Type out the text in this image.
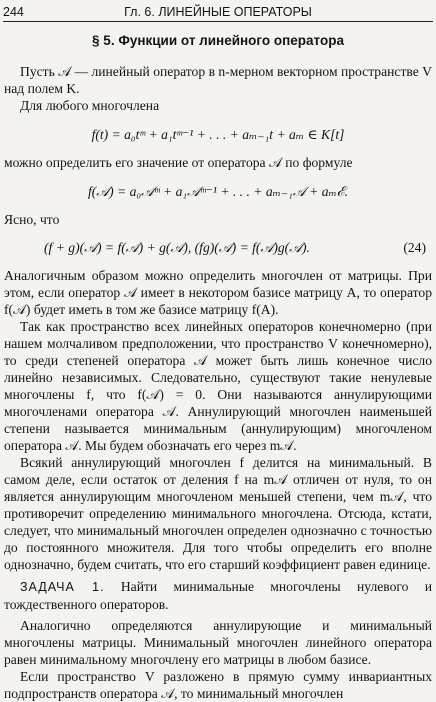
244	Гл. 6. ЛИНЕЙНЫЕ ОПЕРАТОРЫ
§ 5. Функции от линейного оператора

Пусть 𝒜 — линейный оператор в n-мерном векторном пространстве V над полем K.

Для любого многочлена

f(t) = a₀tᵐ + a₁tᵐ⁻¹ + . . . + aₘ₋₁t + aₘ ∈ K[t]

можно определить его значение от оператора 𝒜 по формуле

f(𝒜) = a₀𝒜ᵐ + a₁𝒜ᵐ⁻¹ + . . . + aₘ₋₁𝒜 + aₘℰ.

Ясно, что

(f + g)(𝒜) = f(𝒜) + g(𝒜), (fg)(𝒜) = f(𝒜)g(𝒜).	(24)

Аналогичным образом можно определить многочлен от матрицы. При этом, если оператор 𝒜 имеет в некотором базисе матрицу A, то оператор f(𝒜) будет иметь в том же базисе матрицу f(A).

Так как пространство всех линейных операторов конечномерно (при нашем молчаливом предположении, что пространство V конечномерно), то среди степеней оператора 𝒜 может быть лишь конечное число линейно независимых. Следовательно, существуют такие ненулевые многочлены f, что f(𝒜) = 0. Они называются аннулирующими многочленами оператора 𝒜. Аннулирующий многочлен наименьшей степени называется минимальным (аннулирующим) многочленом оператора 𝒜. Мы будем обозначать его через m𝒜.

Всякий аннулирующий многочлен f делится на минимальный. В самом деле, если остаток от деления f на m𝒜 отличен от нуля, то он является аннулирующим многочленом меньшей степени, чем m𝒜, что противоречит определению минимального многочлена. Отсюда, кстати, следует, что минимальный многочлен определен однозначно с точностью до постоянного множителя. Для того чтобы определить его вполне однозначно, будем считать, что его старший коэффициент равен единице.

ЗАДАЧА 1. Найти минимальные многочлены нулевого и тождественного операторов.

Аналогично определяются аннулирующие и минимальный многочлены матрицы. Минимальный многочлен линейного оператора равен минимальному многочлену его матрицы в любом базисе.

Если пространство V разложено в прямую сумму инвариантных подпространств оператора 𝒜, то минимальный многочлен
